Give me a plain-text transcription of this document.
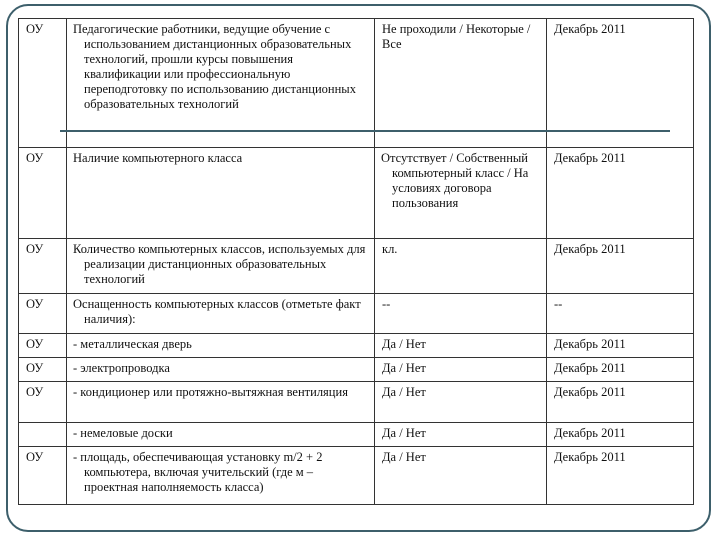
ОУ	Педагогические работники, ведущие обучение с использованием дистанционных образовательных технологий, прошли курсы повышения квалификации или профессиональную переподготовку по использованию дистанционных образовательных технологий	Не проходили / Некоторые / Все	Декабрь 2011
ОУ	Наличие компьютерного класса	Отсутствует / Собственный компьютерный класс / На условиях договора пользования	Декабрь 2011
ОУ	Количество компьютерных классов, используемых для реализации дистанционных образовательных технологий	кл.	Декабрь 2011
ОУ	Оснащенность компьютерных классов (отметьте факт наличия):	--	--
ОУ	- металлическая дверь	Да / Нет	Декабрь 2011
ОУ	- электропроводка	Да / Нет	Декабрь 2011
ОУ	- кондиционер или протяжно-вытяжная вентиляция	Да / Нет	Декабрь 2011
	- немеловые доски	Да / Нет	Декабрь 2011
ОУ	- площадь, обеспечивающая установку m/2 + 2 компьютера, включая учительский (где м – проектная наполняемость класса)	Да / Нет	Декабрь 2011
